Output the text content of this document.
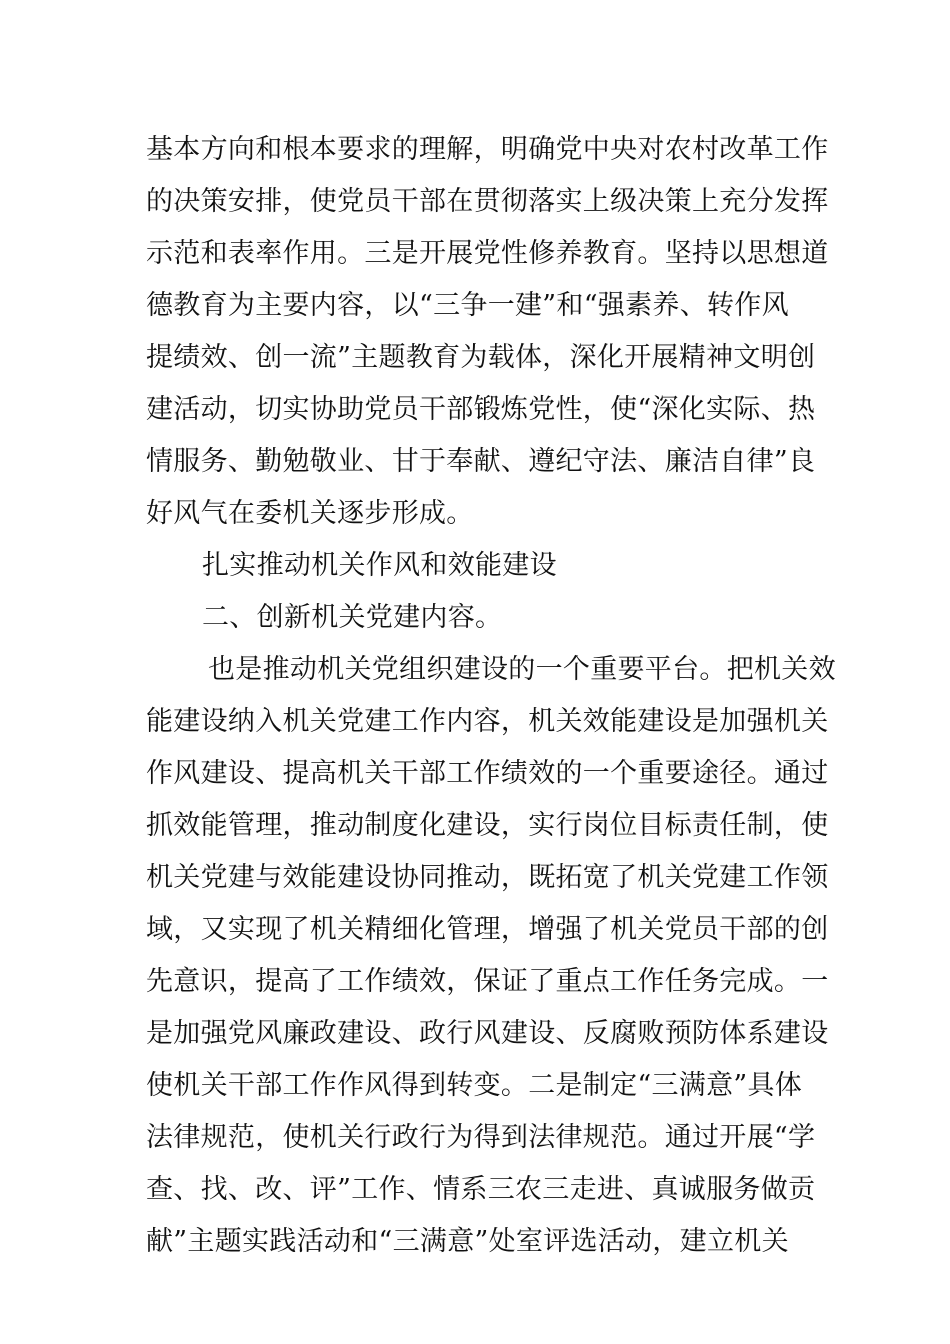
基本方向和根本要求的理解，明确党中央对农村改革工作
的决策安排，使党员干部在贯彻落实上级决策上充分发挥
示范和表率作用。三是开展党性修养教育。坚持以思想道
德教育为主要内容，以“三争一建”和“强素养、转作风
提绩效、创一流”主题教育为载体，深化开展精神文明创
建活动，切实协助党员干部锻炼党性，使“深化实际、热
情服务、勤勉敬业、甘于奉献、遵纪守法、廉洁自律”良
好风气在委机关逐步形成。
扎实推动机关作风和效能建设
二、创新机关党建内容。
也是推动机关党组织建设的一个重要平台。把机关效
能建设纳入机关党建工作内容，机关效能建设是加强机关
作风建设、提高机关干部工作绩效的一个重要途径。通过
抓效能管理，推动制度化建设，实行岗位目标责任制，使
机关党建与效能建设协同推动，既拓宽了机关党建工作领
域，又实现了机关精细化管理，增强了机关党员干部的创
先意识，提高了工作绩效，保证了重点工作任务完成。一
是加强党风廉政建设、政行风建设、反腐败预防体系建设
使机关干部工作作风得到转变。二是制定“三满意”具体
法律规范，使机关行政行为得到法律规范。通过开展“学
查、找、改、评”工作、情系三农三走进、真诚服务做贡
献”主题实践活动和“三满意”处室评选活动，建立机关
